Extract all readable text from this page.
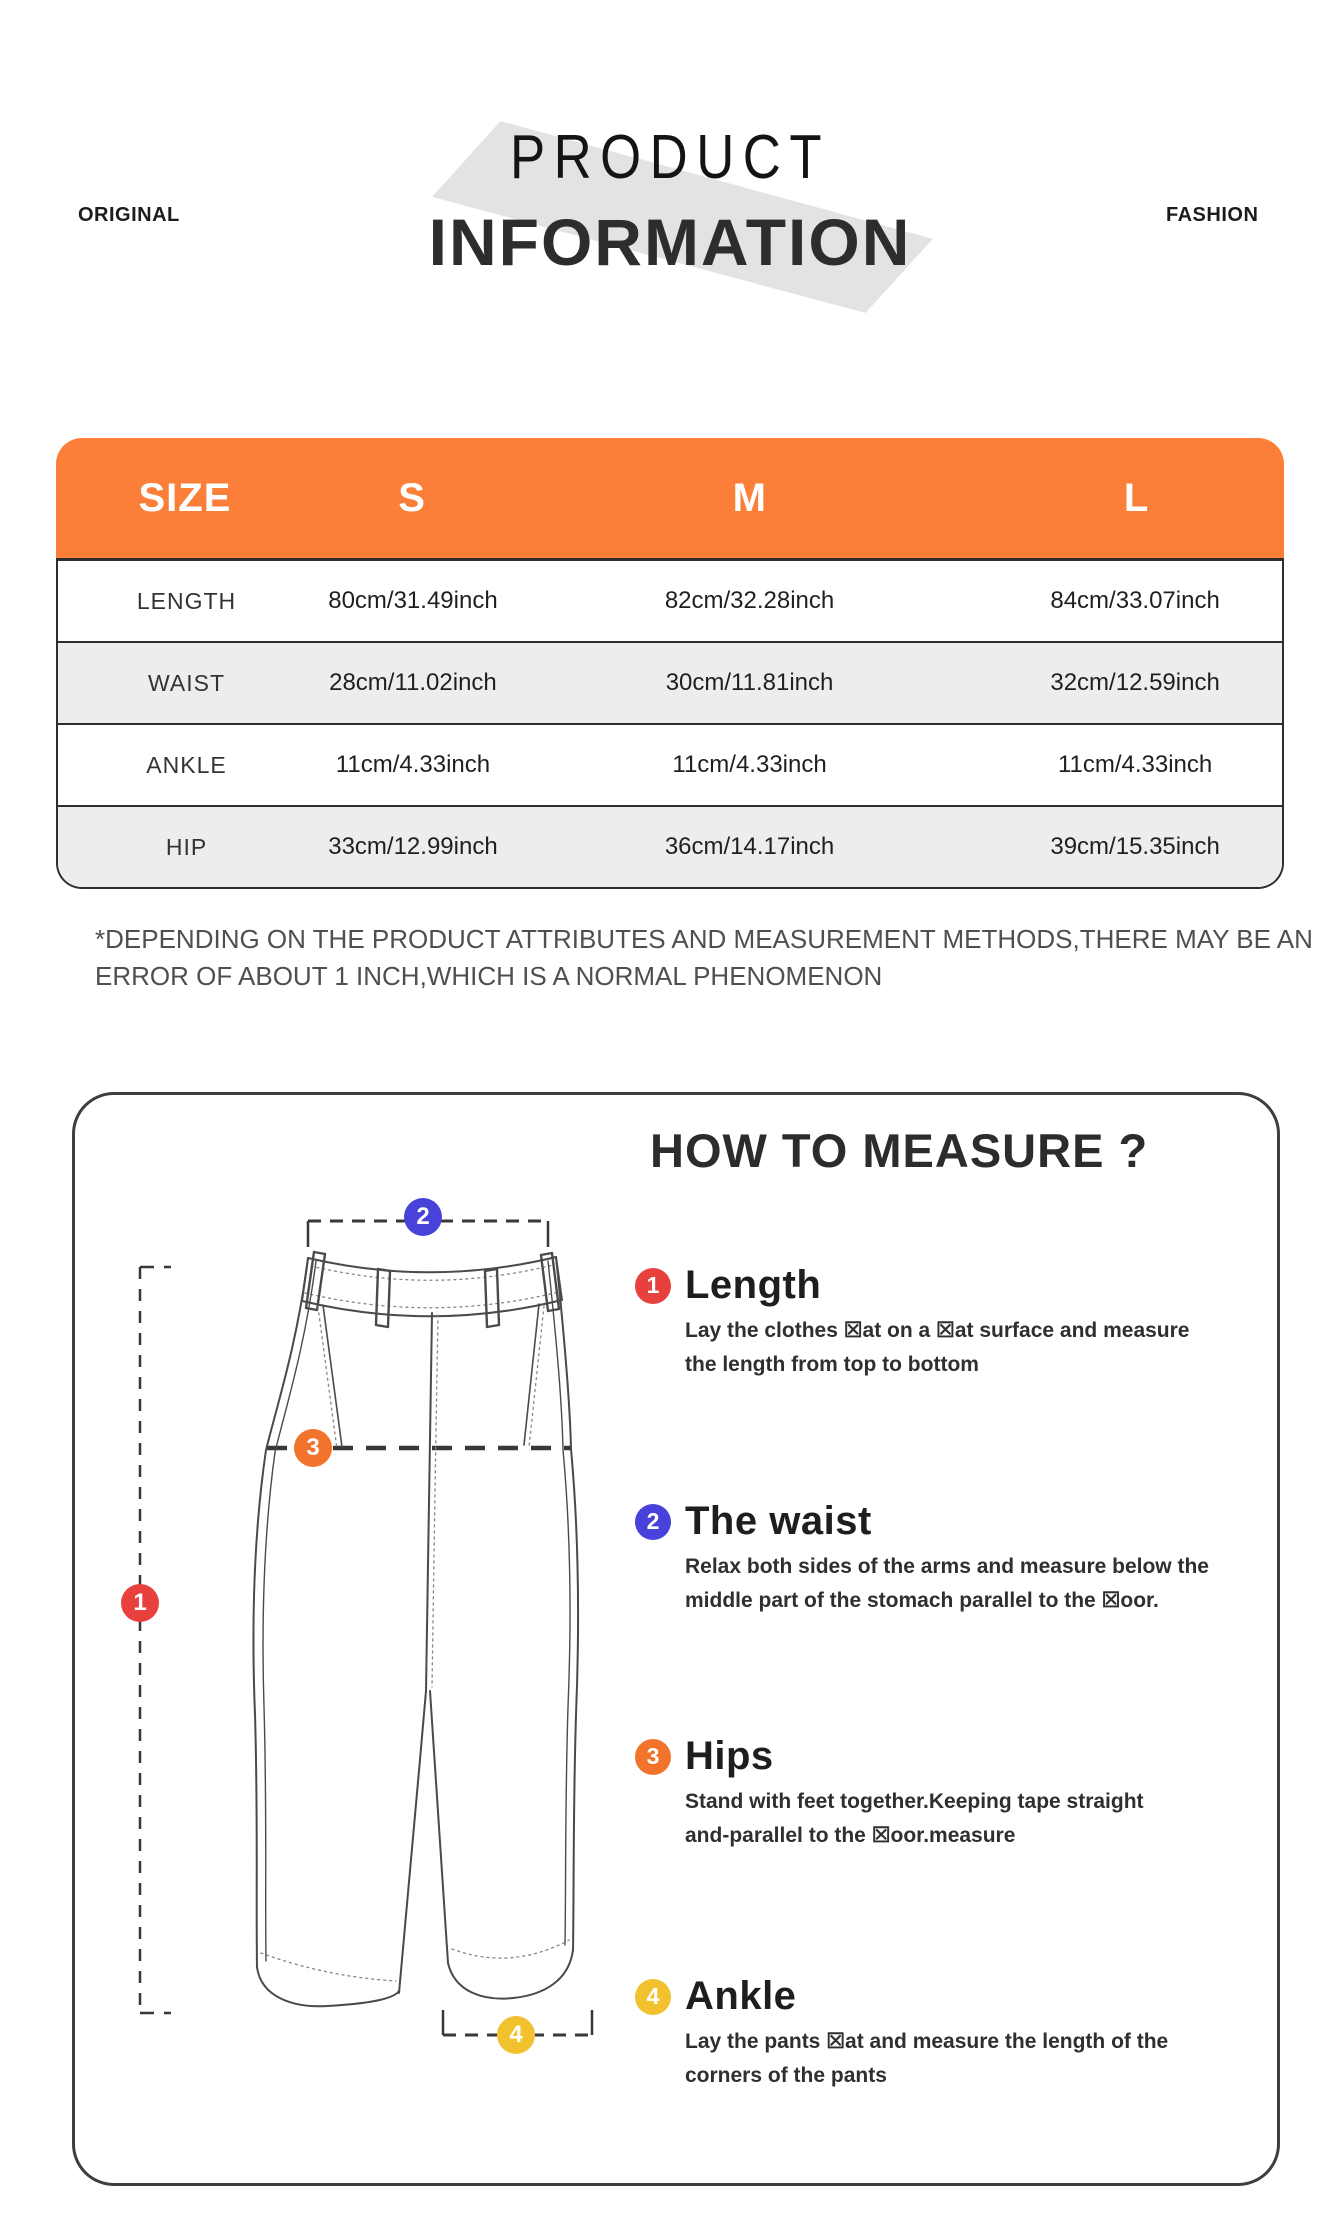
ORIGINAL	FASHION
PRODUCT
INFORMATION
SIZE	S	M	L
LENGTH	80cm/31.49inch	82cm/32.28inch	84cm/33.07inch
WAIST	28cm/11.02inch	30cm/11.81inch	32cm/12.59inch
ANKLE	11cm/4.33inch	11cm/4.33inch	11cm/4.33inch
HIP	33cm/12.99inch	36cm/14.17inch	39cm/15.35inch
*DEPENDING ON THE PRODUCT ATTRIBUTES AND MEASUREMENT METHODS,THERE MAY BE AN
ERROR OF ABOUT 1 INCH,WHICH IS A NORMAL PHENOMENON
1
2
3
4
HOW TO MEASURE ?
1 Length
Lay the clothes ☒at on a ☒at surface and measure
the length from top to bottom
2 The waist
Relax both sides of the arms and measure below the
middle part of the stomach parallel to the ☒oor.
3 Hips
Stand with feet together.Keeping tape straight
and-parallel to the ☒oor.measure
4 Ankle
Lay the pants ☒at and measure the length of the
corners of the pants
